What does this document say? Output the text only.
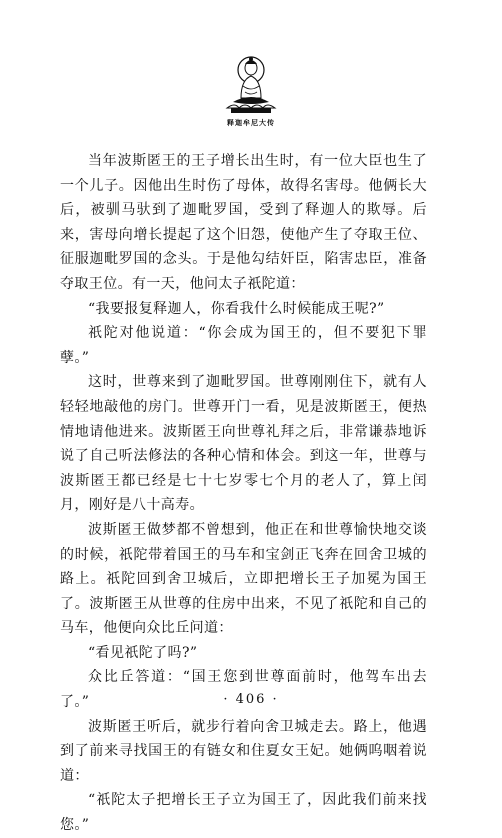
释迦牟尼大传

当年波斯匿王的王子增长出生时，有一位大臣也生了一个儿子。因他出生时伤了母体，故得名害母。他俩长大后，被驯马驮到了迦毗罗国，受到了释迦人的欺辱。后来，害母向增长提起了这个旧怨，使他产生了夺取王位、征服迦毗罗国的念头。于是他勾结奸臣，陷害忠臣，准备夺取王位。有一天，他问太子祇陀道：

“我要报复释迦人，你看我什么时候能成王呢?”

祇陀对他说道：“你会成为国王的，但不要犯下罪孽。”

这时，世尊来到了迦毗罗国。世尊刚刚住下，就有人轻轻地敲他的房门。世尊开门一看，见是波斯匿王，便热情地请他进来。波斯匿王向世尊礼拜之后，非常谦恭地诉说了自己听法修法的各种心情和体会。到这一年，世尊与波斯匿王都已经是七十七岁零七个月的老人了，算上闰月，刚好是八十高寿。

波斯匿王做梦都不曾想到，他正在和世尊愉快地交谈的时候，祇陀带着国王的马车和宝剑正飞奔在回舍卫城的路上。祇陀回到舍卫城后，立即把增长王子加冕为国王了。波斯匿王从世尊的住房中出来，不见了祇陀和自己的马车，他便向众比丘问道：

“看见祇陀了吗?”

众比丘答道：“国王您到世尊面前时，他驾车出去了。”

波斯匿王听后，就步行着向舍卫城走去。路上，他遇到了前来寻找国王的有链女和住夏女王妃。她俩呜咽着说道：

“祇陀太子把增长王子立为国王了，因此我们前来找您。”

· 406 ·
